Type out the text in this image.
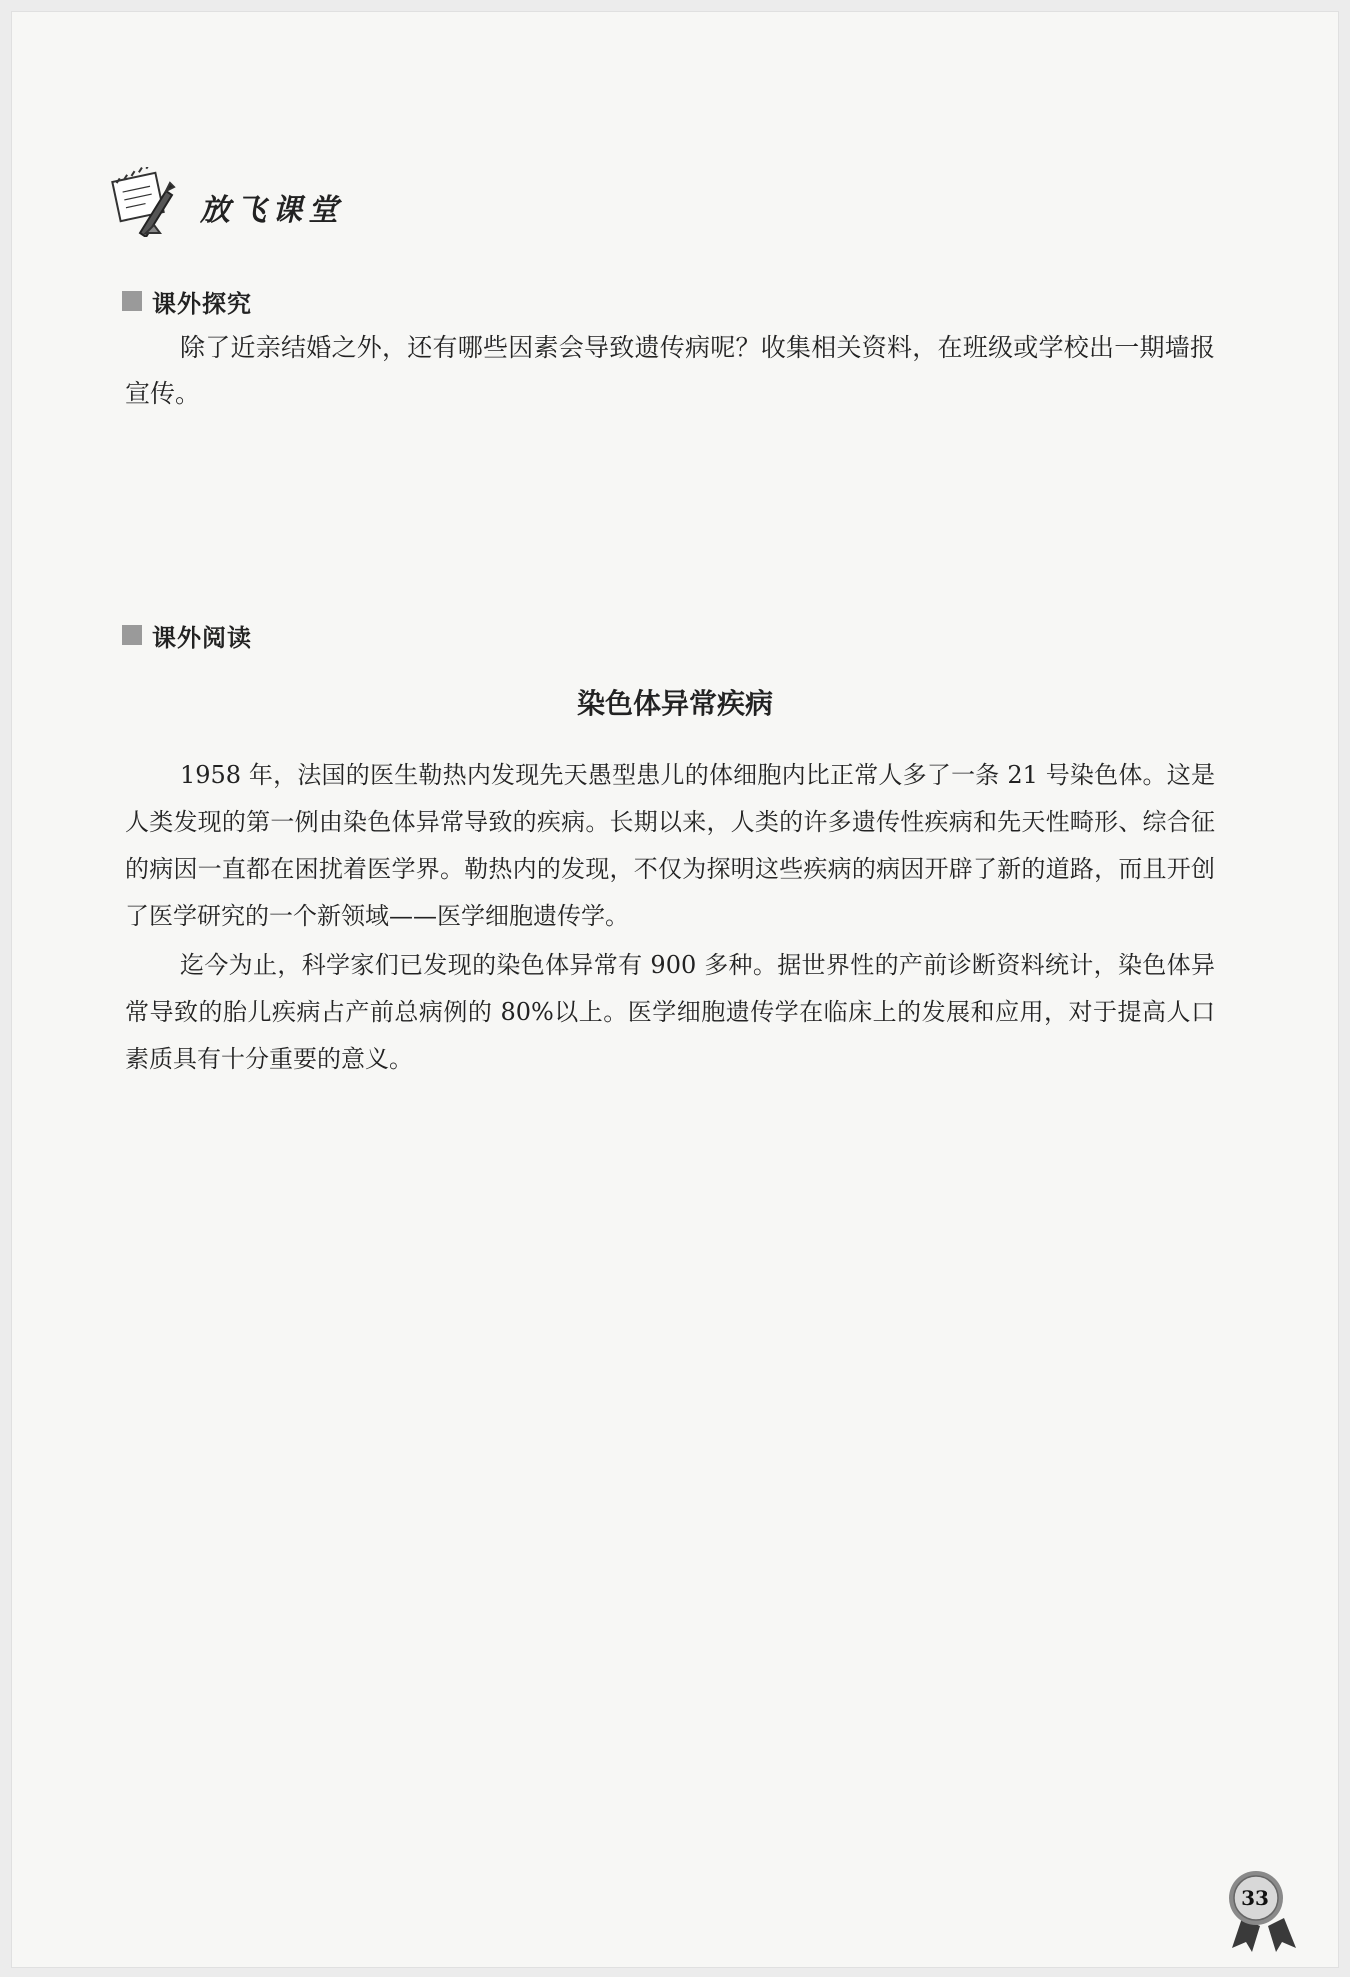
放飞课堂
课外探究

除了近亲结婚之外，还有哪些因素会导致遗传病呢？收集相关资料，在班级或学校出一期墙报宣传。

课外阅读
染色体异常疾病

1958 年，法国的医生勒热内发现先天愚型患儿的体细胞内比正常人多了一条 21 号染色体。这是人类发现的第一例由染色体异常导致的疾病。长期以来，人类的许多遗传性疾病和先天性畸形、综合征的病因一直都在困扰着医学界。勒热内的发现，不仅为探明这些疾病的病因开辟了新的道路，而且开创了医学研究的一个新领域——医学细胞遗传学。

迄今为止，科学家们已发现的染色体异常有 900 多种。据世界性的产前诊断资料统计，染色体异常导致的胎儿疾病占产前总病例的 80%以上。医学细胞遗传学在临床上的发展和应用，对于提高人口素质具有十分重要的意义。

33
